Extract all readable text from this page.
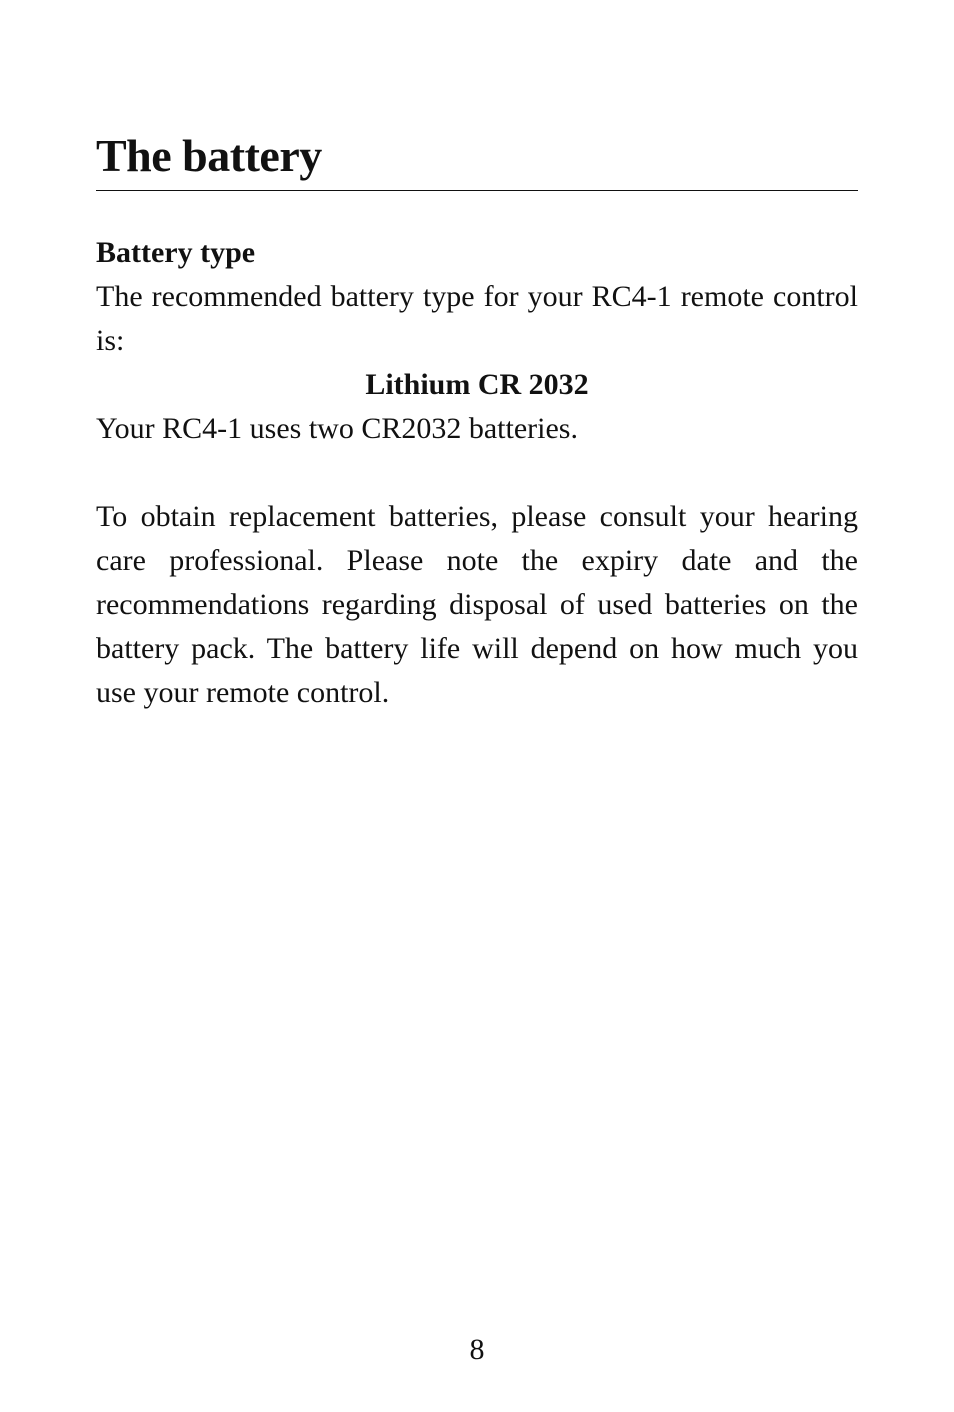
The battery
Battery type

The recommended battery type for your RC4-1 remote control is:

Lithium CR 2032

Your RC4-1 uses two CR2032 batteries.

To obtain replacement batteries, please consult your hearing care professional. Please note the expiry date and the recommendations regarding disposal of used batteries on the battery pack. The battery life will depend on how much you use your remote control.

8
